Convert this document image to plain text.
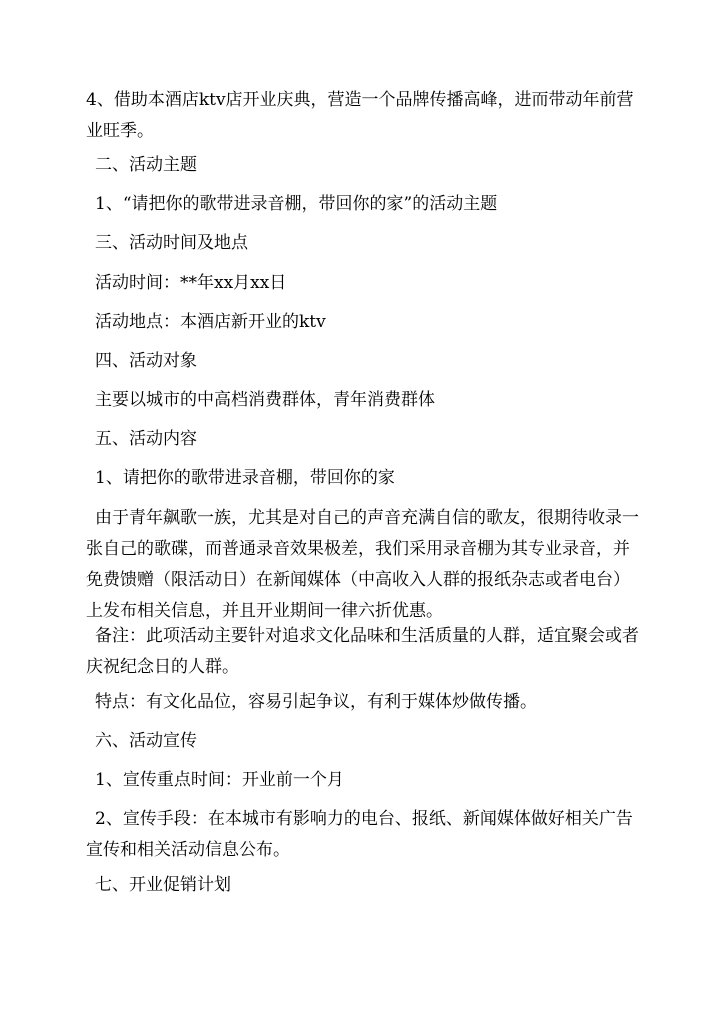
4、借助本酒店ktv店开业庆典，营造一个品牌传播高峰，进而带动年前营业旺季。

二、活动主题

1、“请把你的歌带进录音棚，带回你的家”的活动主题

三、活动时间及地点

活动时间：**年xx月xx日

活动地点：本酒店新开业的ktv

四、活动对象

主要以城市的中高档消费群体，青年消费群体

五、活动内容

1、请把你的歌带进录音棚，带回你的家

由于青年飙歌一族，尤其是对自己的声音充满自信的歌友，很期待收录一张自己的歌碟，而普通录音效果极差，我们采用录音棚为其专业录音，并免费馈赠（限活动日）在新闻媒体（中高收入人群的报纸杂志或者电台）上发布相关信息，并且开业期间一律六折优惠。

备注：此项活动主要针对追求文化品味和生活质量的人群，适宜聚会或者庆祝纪念日的人群。

特点：有文化品位，容易引起争议，有利于媒体炒做传播。

六、活动宣传

1、宣传重点时间：开业前一个月

2、宣传手段：在本城市有影响力的电台、报纸、新闻媒体做好相关广告宣传和相关活动信息公布。

七、开业促销计划
